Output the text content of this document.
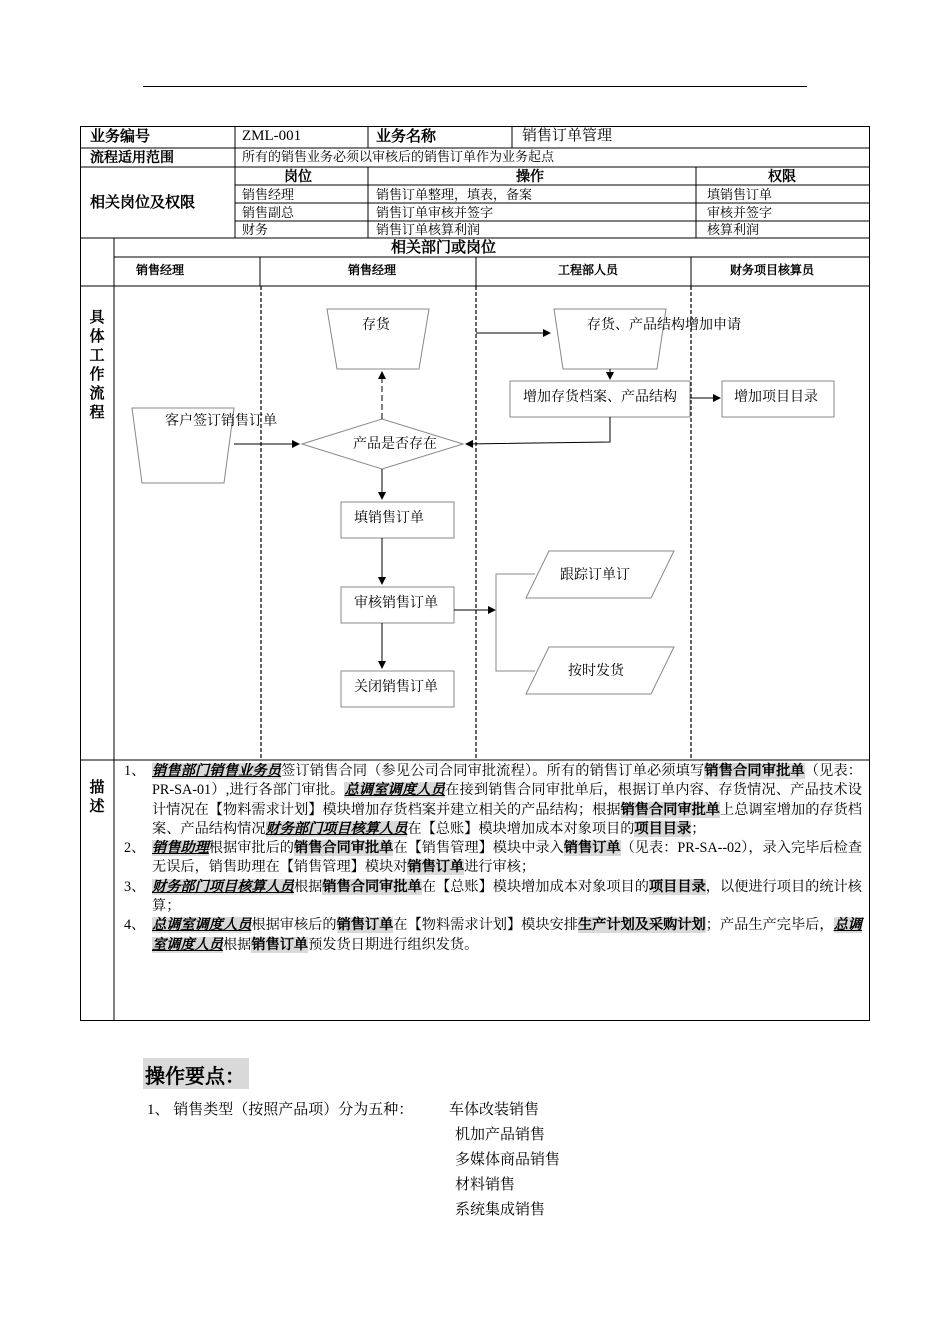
业务编号	ZML-001	业务名称	销售订单管理
流程适用范围	所有的销售业务必须以审核后的销售订单作为业务起点
相关岗位及权限
岗位	操作	权限
销售经理	销售订单整理，填表，备案	填销售订单
销售副总	销售订单审核并签字	审核并签字
财务	销售订单核算利润	核算利润
相关部门或岗位
销售经理	销售经理	工程部人员	财务项目核算员
具体工作流程
存货	存货、产品结构增加申请
增加存货档案、产品结构	增加项目目录
客户签订销售订单
产品是否存在
填销售订单
审核销售订单
跟踪订单订
按时发货
关闭销售订单
描述
1、 销售部门销售业务员签订销售合同（参见公司合同审批流程）。所有的销售订单必须填写销售合同审批单（见表：PR-SA-01）,进行各部门审批。总调室调度人员在接到销售合同审批单后，根据订单内容、存货情况、产品技术设计情况在【物料需求计划】模块增加存货档案并建立相关的产品结构；根据销售合同审批单上总调室增加的存货档案、产品结构情况财务部门项目核算人员在【总账】模块增加成本对象项目的项目目录；
2、 销售助理根据审批后的销售合同审批单在【销售管理】模块中录入销售订单（见表：PR-SA--02），录入完毕后检查无误后，销售助理在【销售管理】模块对销售订单进行审核；
3、 财务部门项目核算人员根据销售合同审批单在【总账】模块增加成本对象项目的项目目录，以便进行项目的统计核算；
4、 总调室调度人员根据审核后的销售订单在【物料需求计划】模块安排生产计划及采购计划；产品生产完毕后，总调室调度人员根据销售订单预发货日期进行组织发货。
操作要点：
1、 销售类型（按照产品项）分为五种： 车体改装销售
机加产品销售
多媒体商品销售
材料销售
系统集成销售
